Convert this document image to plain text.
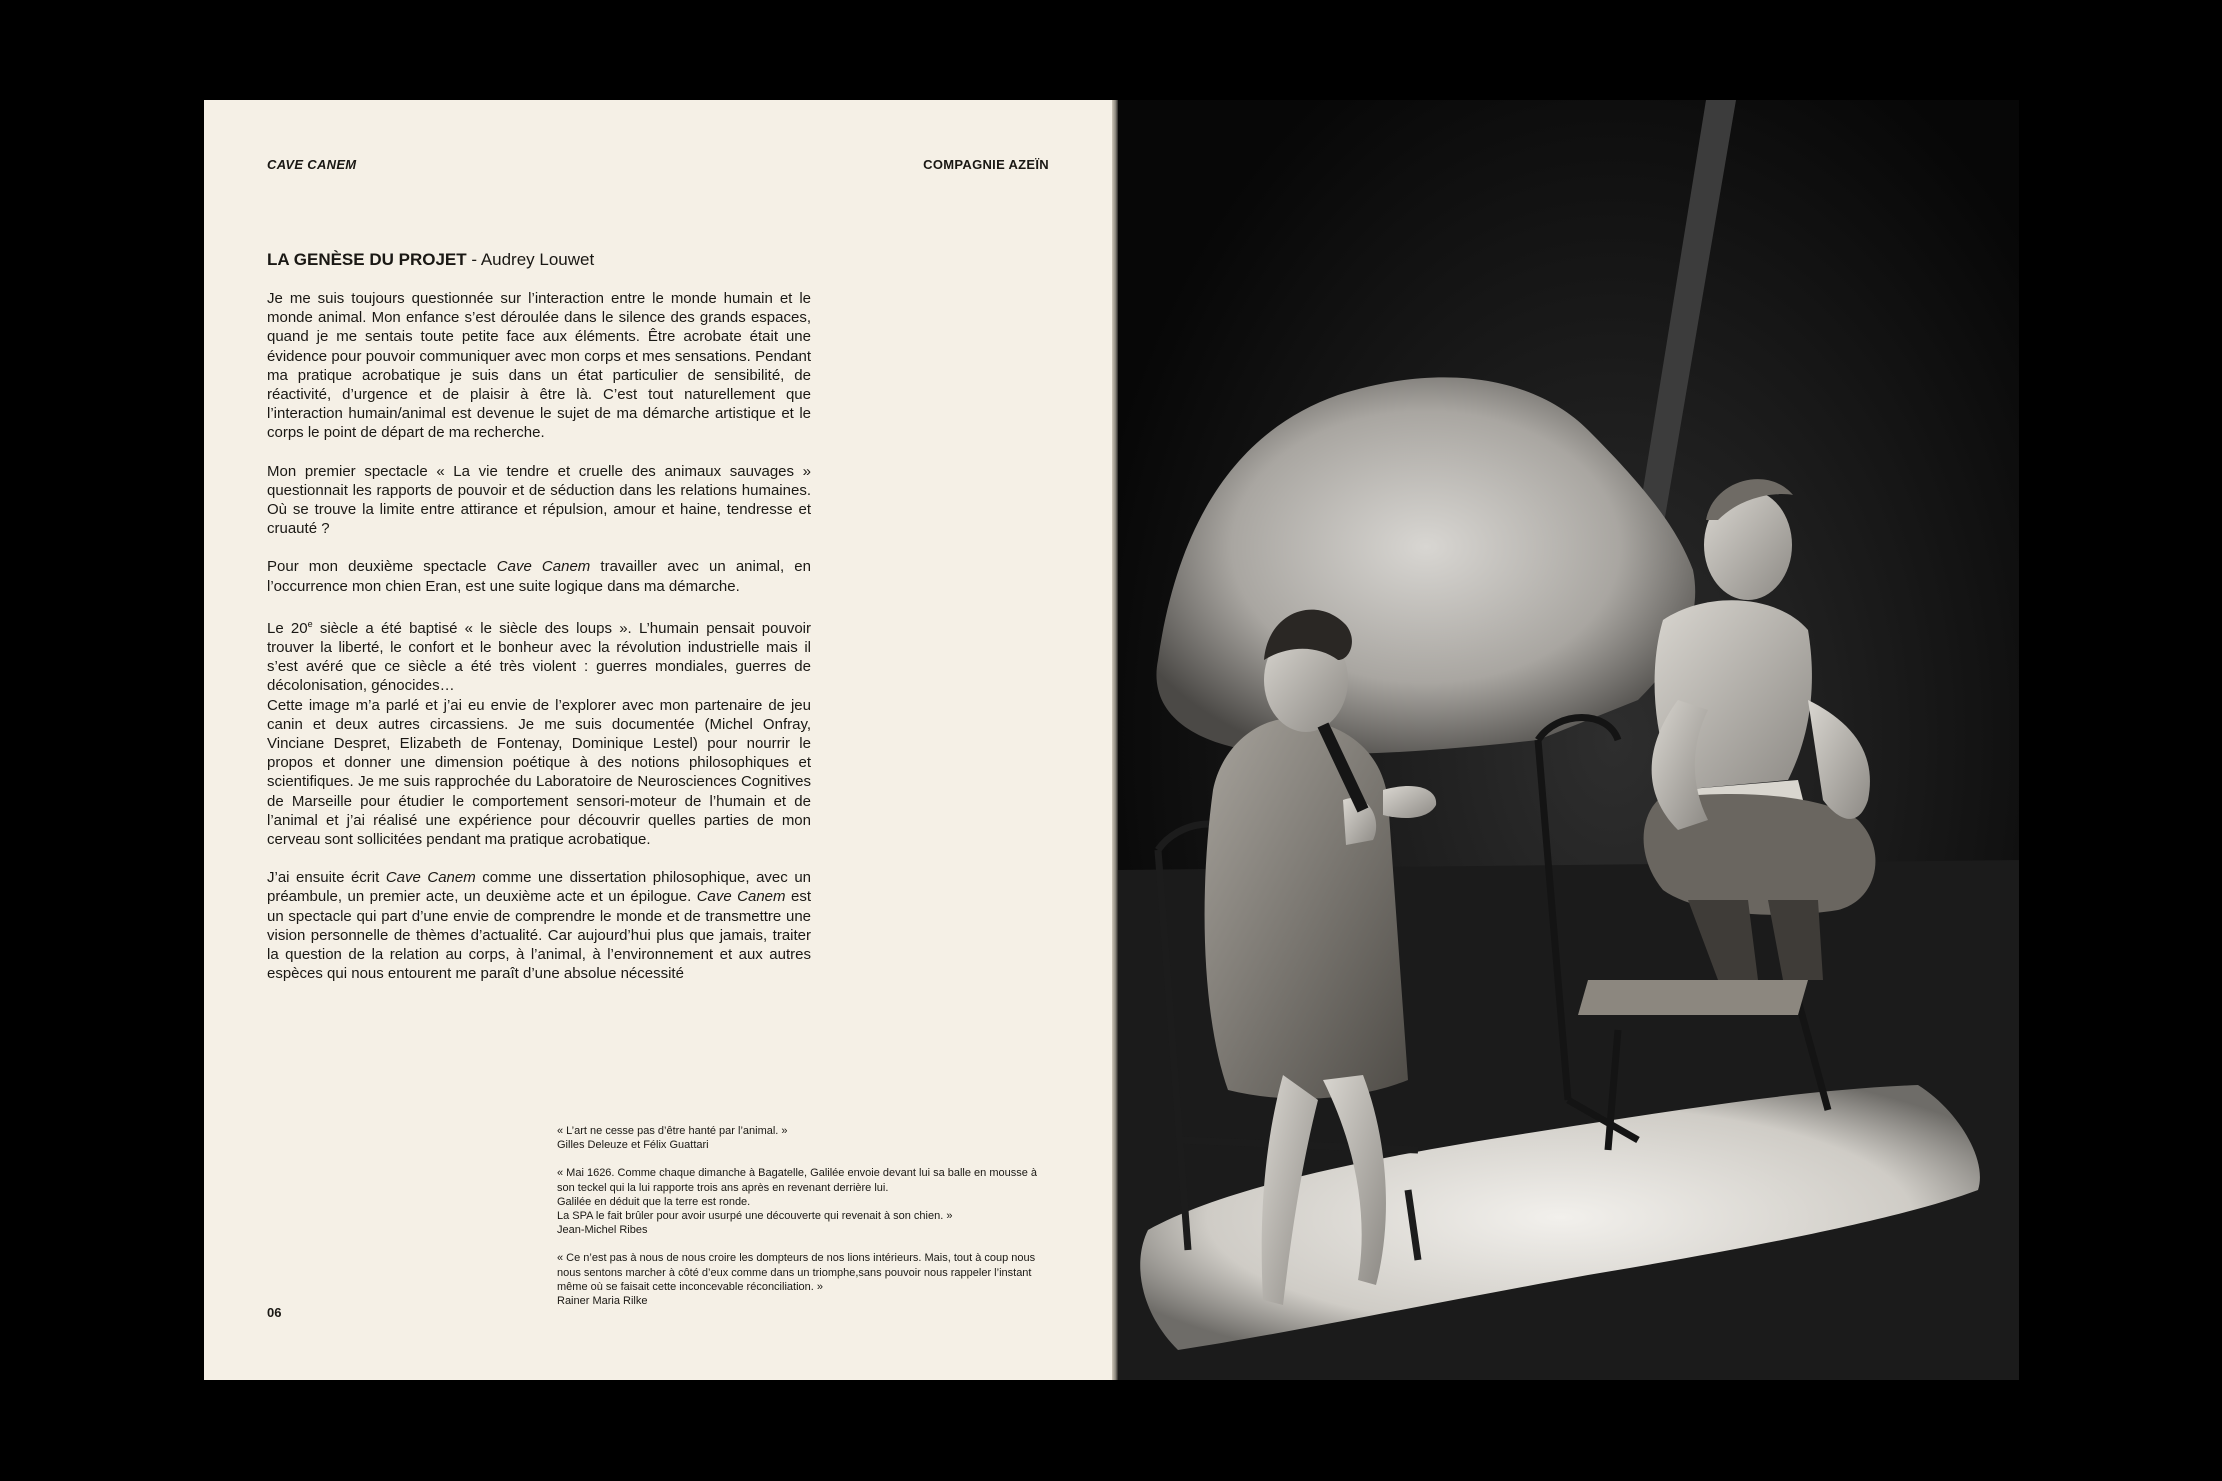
CAVE CANEM	COMPAGNIE AZEÏN
LA GENÈSE DU PROJET - Audrey Louwet

Je me suis toujours questionnée sur l’interaction entre le monde humain et le monde animal. Mon enfance s’est déroulée dans le silence des grands espaces, quand je me sentais toute petite face aux éléments. Être acrobate était une évidence pour pouvoir communiquer avec mon corps et mes sensations. Pendant ma pratique acrobatique je suis dans un état particulier de sensibilité, de réactivité, d’urgence et de plaisir à être là. C’est tout naturellement que l’interaction humain/animal est devenue le sujet de ma démarche artistique et le corps le point de départ de ma recherche.

Mon premier spectacle « La vie tendre et cruelle des animaux sauvages » questionnait les rapports de pouvoir et de séduction dans les relations humaines. Où se trouve la limite entre attirance et répulsion, amour et haine, tendresse et cruauté ?

Pour mon deuxième spectacle Cave Canem travailler avec un animal, en l’occurrence mon chien Eran, est une suite logique dans ma démarche.

Le 20e siècle a été baptisé « le siècle des loups ». L’humain pensait pouvoir trouver la liberté, le confort et le bonheur avec la révolution industrielle mais il s’est avéré que ce siècle a été très violent : guerres mondiales, guerres de décolonisation, génocides…

Cette image m’a parlé et j’ai eu envie de l’explorer avec mon partenaire de jeu canin et deux autres circassiens. Je me suis documentée (Michel Onfray, Vinciane Despret, Elizabeth de Fontenay, Dominique Lestel) pour nourrir le propos et donner une dimension poétique à des notions philosophiques et scientifiques. Je me suis rapprochée du Laboratoire de Neurosciences Cognitives de Marseille pour étudier le comportement sensori-moteur de l’humain et de l’animal et j’ai réalisé une expérience pour découvrir quelles parties de mon cerveau sont sollicitées pendant ma pratique acrobatique.

J’ai ensuite écrit Cave Canem comme une dissertation philosophique, avec un préambule, un premier acte, un deuxième acte et un épilogue. Cave Canem est un spectacle qui part d’une envie de comprendre le monde et de transmettre une vision personnelle de thèmes d’actualité. Car aujourd’hui plus que jamais, traiter la question de la relation au corps, à l’animal, à l’environnement et aux autres espèces qui nous entourent me paraît d’une absolue nécessité

« L’art ne cesse pas d’être hanté par l’animal. »
Gilles Deleuze et Félix Guattari
« Mai 1626. Comme chaque dimanche à Bagatelle, Galilée envoie devant lui sa balle en mousse à son teckel qui la lui rapporte trois ans après en revenant derrière lui.
Galilée en déduit que la terre est ronde.
La SPA le fait brûler pour avoir usurpé une découverte qui revenait à son chien. »
Jean-Michel Ribes
« Ce n’est pas à nous de nous croire les dompteurs de nos lions intérieurs. Mais, tout à coup nous nous sentons marcher à côté d’eux comme dans un triomphe,sans pouvoir nous rappeler l’instant même où se faisait cette inconcevable réconciliation. »
Rainer Maria Rilke
06
